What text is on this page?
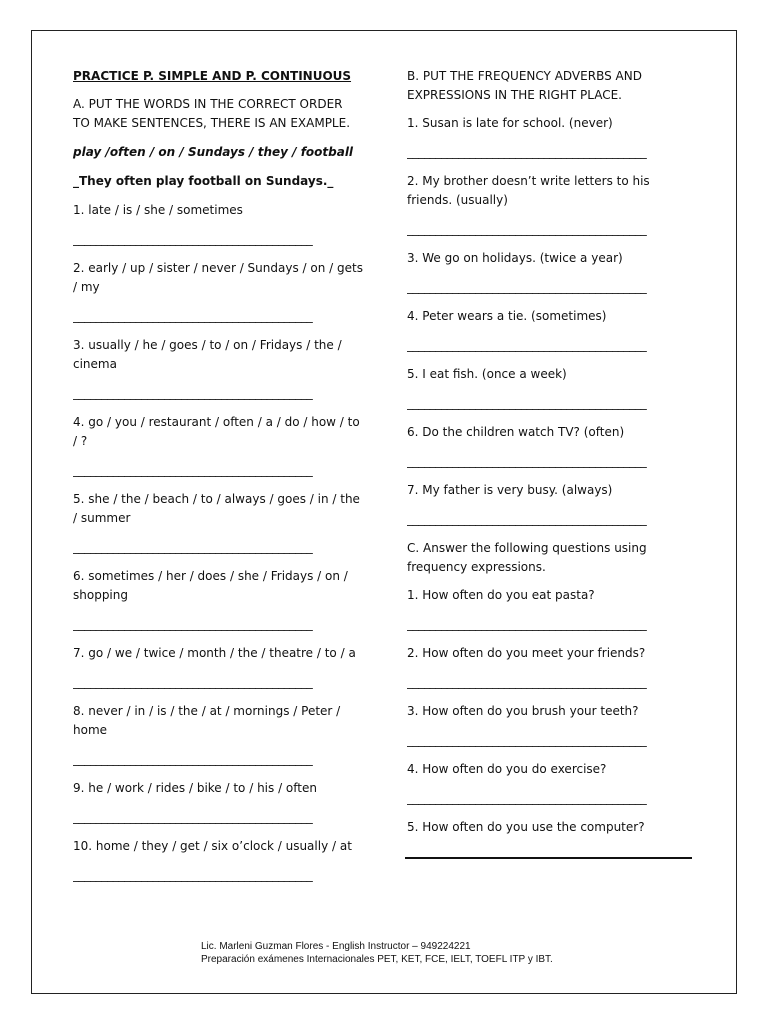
PRACTICE P. SIMPLE AND P. CONTINUOUS

A. PUT THE WORDS IN THE CORRECT ORDER TO MAKE SENTENCES, THERE IS AN EXAMPLE.

play /often / on / Sundays / they / football

_They often play football on Sundays._

1. late / is / she / sometimes

__________________________________________

2. early / up / sister / never / Sundays / on / gets / my

__________________________________________

3. usually / he / goes / to / on / Fridays / the / cinema

__________________________________________

4. go / you / restaurant / often / a / do / how / to / ?

__________________________________________

5. she / the / beach / to / always / goes / in / the / summer

__________________________________________

6. sometimes / her / does / she / Fridays / on / shopping

__________________________________________

7. go / we / twice / month / the / theatre / to / a

__________________________________________

8. never / in / is / the / at / mornings / Peter / home

__________________________________________

9. he / work / rides / bike / to / his / often

__________________________________________

10. home / they / get / six o’clock / usually / at

__________________________________________

B. PUT THE FREQUENCY ADVERBS AND EXPRESSIONS IN THE RIGHT PLACE.

1. Susan is late for school. (never)

__________________________________________

2. My brother doesn’t write letters to his friends. (usually)

__________________________________________

3. We go on holidays. (twice a year)

__________________________________________

4. Peter wears a tie. (sometimes)

__________________________________________

5. I eat fish. (once a week)

__________________________________________

6. Do the children watch TV? (often)

__________________________________________

7. My father is very busy. (always)

__________________________________________

C. Answer the following questions using frequency expressions.

1. How often do you eat pasta?

__________________________________________

2. How often do you meet your friends?

__________________________________________

3. How often do you brush your teeth?

__________________________________________

4. How often do you do exercise?

__________________________________________

5. How often do you use the computer?

Lic. Marleni Guzman Flores - English Instructor – 949224221
Preparación exámenes Internacionales PET, KET, FCE, IELT, TOEFL ITP y IBT.
